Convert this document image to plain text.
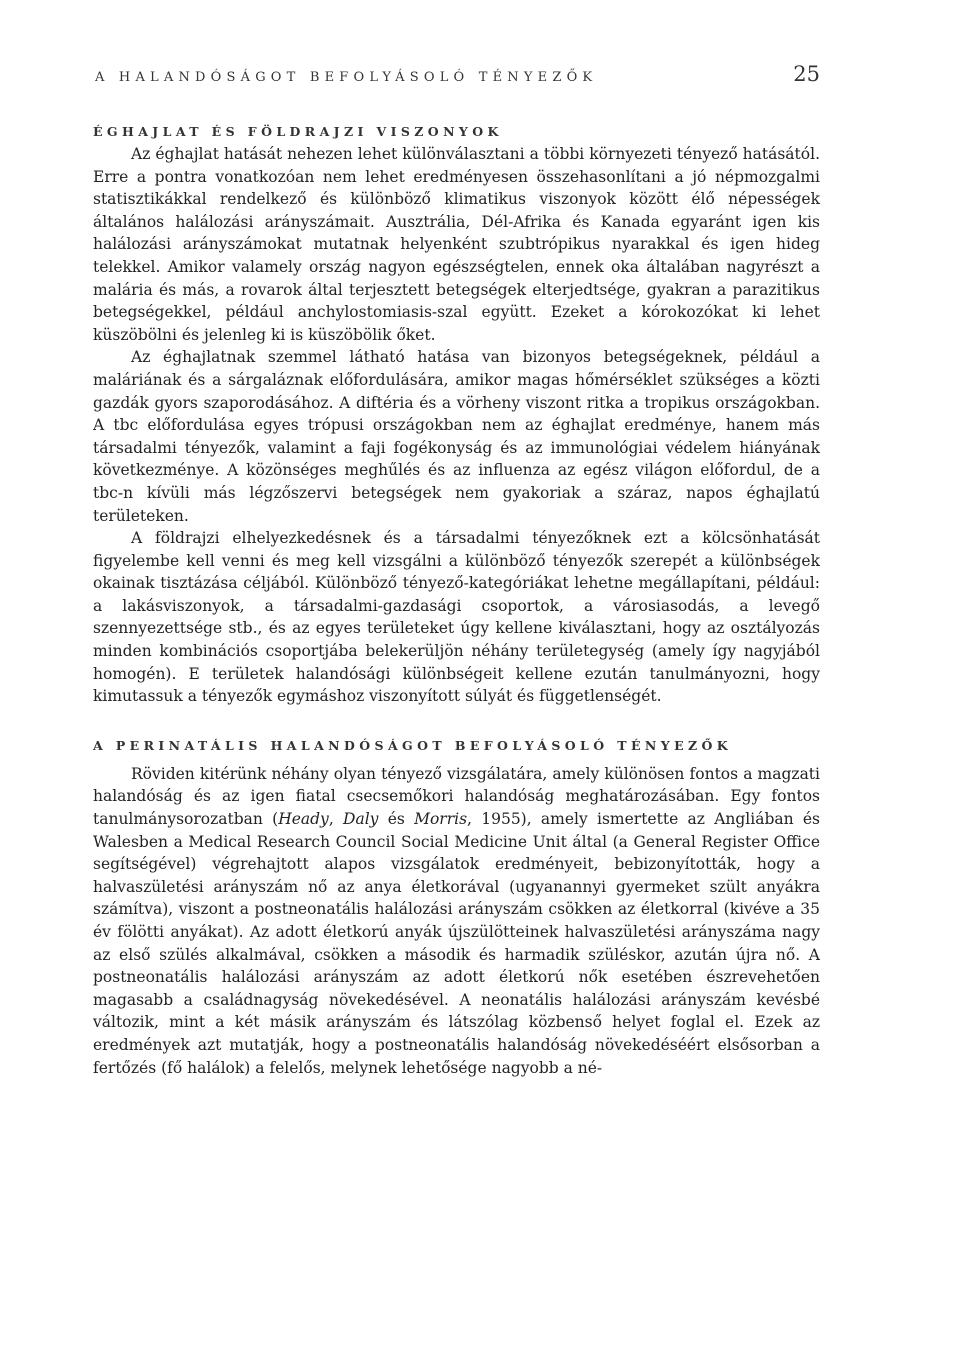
A HALANDÓSÁGOT BEFOLYÁSOLÓ TÉNYEZŐK	25
ÉGHAJLAT ÉS FÖLDRAJZI VISZONYOK

Az éghajlat hatását nehezen lehet különválasztani a többi környezeti tényező hatásától. Erre a pontra vonatkozóan nem lehet eredményesen összehasonlítani a jó népmozgalmi statisztikákkal rendelkező és különböző klimatikus viszonyok között élő népességek általános halálozási arányszámait. Ausztrália, Dél-Afrika és Kanada egyaránt igen kis halálozási arányszámokat mutatnak helyenként szubtrópikus nyarakkal és igen hideg telekkel. Amikor valamely ország nagyon egészségtelen, ennek oka általában nagyrészt a malária és más, a rovarok által terjesztett betegségek elterjedtsége, gyakran a parazitikus betegségekkel, például anchylostomiasis-szal együtt. Ezeket a kórokozókat ki lehet küszöbölni és jelenleg ki is küszöbölik őket.

Az éghajlatnak szemmel látható hatása van bizonyos betegségeknek, például a maláriának és a sárgaláznak előfordulására, amikor magas hőmérséklet szükséges a közti gazdák gyors szaporodásához. A diftéria és a vörheny viszont ritka a tropikus országokban. A tbc előfordulása egyes trópusi országokban nem az éghajlat eredménye, hanem más társadalmi tényezők, valamint a faji fogékonyság és az immunológiai védelem hiányának következménye. A közönséges meghűlés és az influenza az egész világon előfordul, de a tbc-n kívüli más légzőszervi betegségek nem gyakoriak a száraz, napos éghajlatú területeken.

A földrajzi elhelyezkedésnek és a társadalmi tényezőknek ezt a kölcsönhatását figyelembe kell venni és meg kell vizsgálni a különböző tényezők szerepét a különbségek okainak tisztázása céljából. Különböző tényező-kategóriákat lehetne megállapítani, például: a lakásviszonyok, a társadalmi-gazdasági csoportok, a városiasodás, a levegő szennyezettsége stb., és az egyes területeket úgy kellene kiválasztani, hogy az osztályozás minden kombinációs csoportjába belekerüljön néhány területegység (amely így nagyjából homogén). E területek halandósági különbségeit kellene ezután tanulmányozni, hogy kimutassuk a tényezők egymáshoz viszonyított súlyát és függetlenségét.

A PERINATÁLIS HALANDÓSÁGOT BEFOLYÁSOLÓ TÉNYEZŐK

Röviden kitérünk néhány olyan tényező vizsgálatára, amely különösen fontos a magzati halandóság és az igen fiatal csecsemőkori halandóság meghatározásában. Egy fontos tanulmánysorozatban (Heady, Daly és Morris, 1955), amely ismertette az Angliában és Walesben a Medical Research Council Social Medicine Unit által (a General Register Office segítségével) végrehajtott alapos vizsgálatok eredményeit, bebizonyították, hogy a halvaszületési arányszám nő az anya életkorával (ugyanannyi gyermeket szült anyákra számítva), viszont a postneonatális halálozási arányszám csökken az életkorral (kivéve a 35 év fölötti anyákat). Az adott életkorú anyák újszülötteinek halvaszületési arányszáma nagy az első szülés alkalmával, csökken a második és harmadik szüléskor, azután újra nő. A postneonatális halálozási arányszám az adott életkorú nők esetében észrevehetően magasabb a családnagyság növekedésével. A neonatális halálozási arányszám kevésbé változik, mint a két másik arányszám és látszólag közbenső helyet foglal el. Ezek az eredmények azt mutatják, hogy a postneonatális halandóság növekedéséért elsősorban a fertőzés (fő halálok) a felelős, melynek lehetősége nagyobb a né-
